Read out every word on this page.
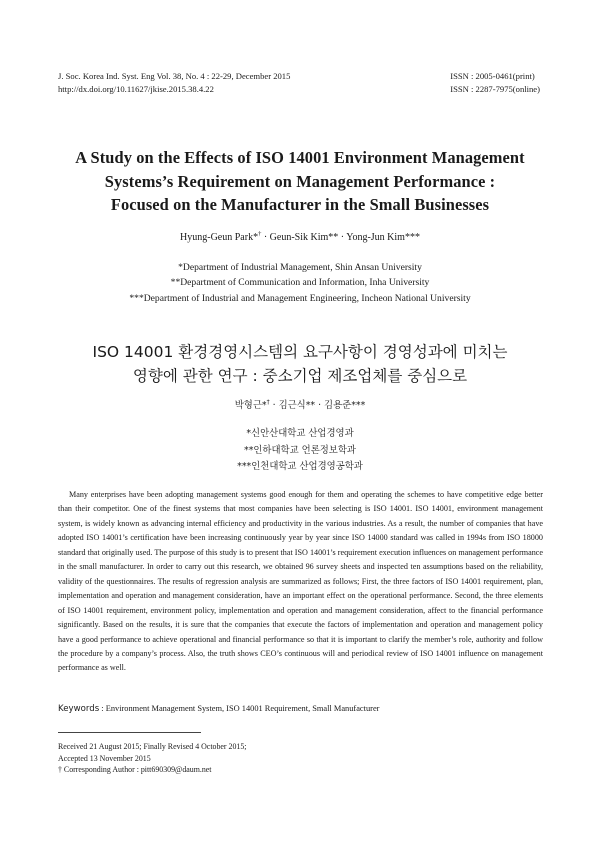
J. Soc. Korea Ind. Syst. Eng Vol. 38, No. 4 : 22-29, December 2015
http://dx.doi.org/10.11627/jkise.2015.38.4.22
ISSN : 2005-0461(print)
ISSN : 2287-7975(online)
A Study on the Effects of ISO 14001 Environment Management
Systems’s Requirement on Management Performance :
Focused on the Manufacturer in the Small Businesses
Hyung-Geun Park*† · Geun-Sik Kim** · Yong-Jun Kim***
*Department of Industrial Management, Shin Ansan University
**Department of Communication and Information, Inha University
***Department of Industrial and Management Engineering, Incheon National University
ISO 14001 환경경영시스템의 요구사항이 경영성과에 미치는
영향에 관한 연구 : 중소기업 제조업체를 중심으로
박형근*† · 김근식** · 김용준***
*신안산대학교 산업경영과
**인하대학교 언론정보학과
***인천대학교 산업경영공학과

Many enterprises have been adopting management systems good enough for them and operating the schemes to have competitive edge better than their competitor. One of the finest systems that most companies have been selecting is ISO 14001. ISO 14001, environment management system, is widely known as advancing internal efficiency and productivity in the various industries. As a result, the number of companies that have adopted ISO 14001’s certification have been increasing continuously year by year since ISO 14000 standard was called in 1994s from ISO 18000 standard that originally used. The purpose of this study is to present that ISO 14001’s requirement execution influences on management performance in the small manufacturer. In order to carry out this research, we obtained 96 survey sheets and inspected ten assumptions based on the reliability, validity of the questionnaires. The results of regression analysis are summarized as follows; First, the three factors of ISO 14001 requirement, plan, implementation and operation and management consideration, have an important effect on the operational performance. Second, the three elements of ISO 14001 requirement, environment policy, implementation and operation and management consideration, affect to the financial performance significantly. Based on the results, it is sure that the companies that execute the factors of implementation and operation and management policy have a good performance to achieve operational and financial performance so that it is important to clarify the member’s role, authority and follow the procedure by a company’s process. Also, the truth shows CEO’s continuous will and periodical review of ISO 14001 influence on management performance as well.

Keywords : Environment Management System, ISO 14001 Requirement, Small Manufacturer
Received 21 August 2015; Finally Revised 4 October 2015;
Accepted 13 November 2015
† Corresponding Author : pitt690309@daum.net
